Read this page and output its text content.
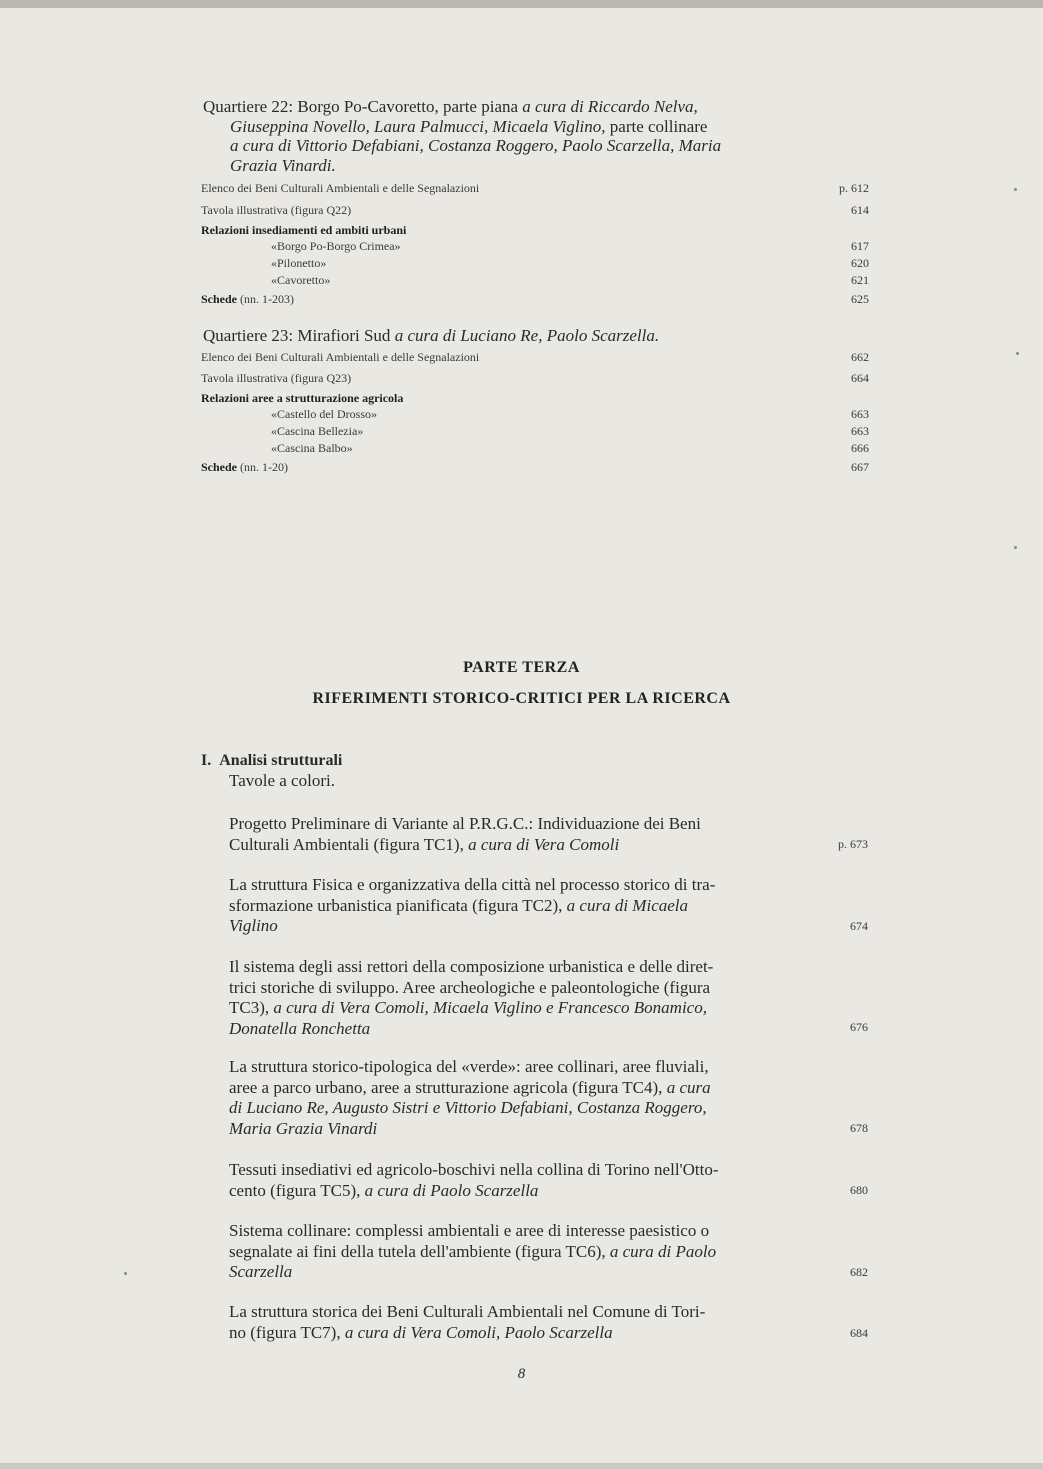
Quartiere 22: Borgo Po-Cavoretto, parte piana a cura di Riccardo Nelva,
Giuseppina Novello, Laura Palmucci, Micaela Viglino, parte collinare
a cura di Vittorio Defabiani, Costanza Roggero, Paolo Scarzella, Maria
Grazia Vinardi.
Elenco dei Beni Culturali Ambientali e delle Segnalazioni	p. 612
Tavola illustrativa (figura Q22)	614
Relazioni insediamenti ed ambiti urbani
«Borgo Po-Borgo Crimea»	617
«Pilonetto»	620
«Cavoretto»	621
Schede (nn. 1-203)	625
Quartiere 23: Mirafiori Sud a cura di Luciano Re, Paolo Scarzella.
Elenco dei Beni Culturali Ambientali e delle Segnalazioni	662
Tavola illustrativa (figura Q23)	664
Relazioni aree a strutturazione agricola
«Castello del Drosso»	663
«Cascina Bellezia»	663
«Cascina Balbo»	666
Schede (nn. 1-20)	667
PARTE TERZA
RIFERIMENTI STORICO-CRITICI PER LA RICERCA
I. Analisi strutturali
Tavole a colori.
Progetto Preliminare di Variante al P.R.G.C.: Individuazione dei Beni
Culturali Ambientali (figura TC1), a cura di Vera Comoli	p. 673
La struttura Fisica e organizzativa della città nel processo storico di tra-
sformazione urbanistica pianificata (figura TC2), a cura di Micaela
Viglino	674
Il sistema degli assi rettori della composizione urbanistica e delle diret-
trici storiche di sviluppo. Aree archeologiche e paleontologiche (figura
TC3), a cura di Vera Comoli, Micaela Viglino e Francesco Bonamico,
Donatella Ronchetta	676
La struttura storico-tipologica del «verde»: aree collinari, aree fluviali,
aree a parco urbano, aree a strutturazione agricola (figura TC4), a cura
di Luciano Re, Augusto Sistri e Vittorio Defabiani, Costanza Roggero,
Maria Grazia Vinardi	678
Tessuti insediativi ed agricolo-boschivi nella collina di Torino nell'Otto-
cento (figura TC5), a cura di Paolo Scarzella	680
Sistema collinare: complessi ambientali e aree di interesse paesistico o
segnalate ai fini della tutela dell'ambiente (figura TC6), a cura di Paolo
Scarzella	682
La struttura storica dei Beni Culturali Ambientali nel Comune di Tori-
no (figura TC7), a cura di Vera Comoli, Paolo Scarzella	684
8
